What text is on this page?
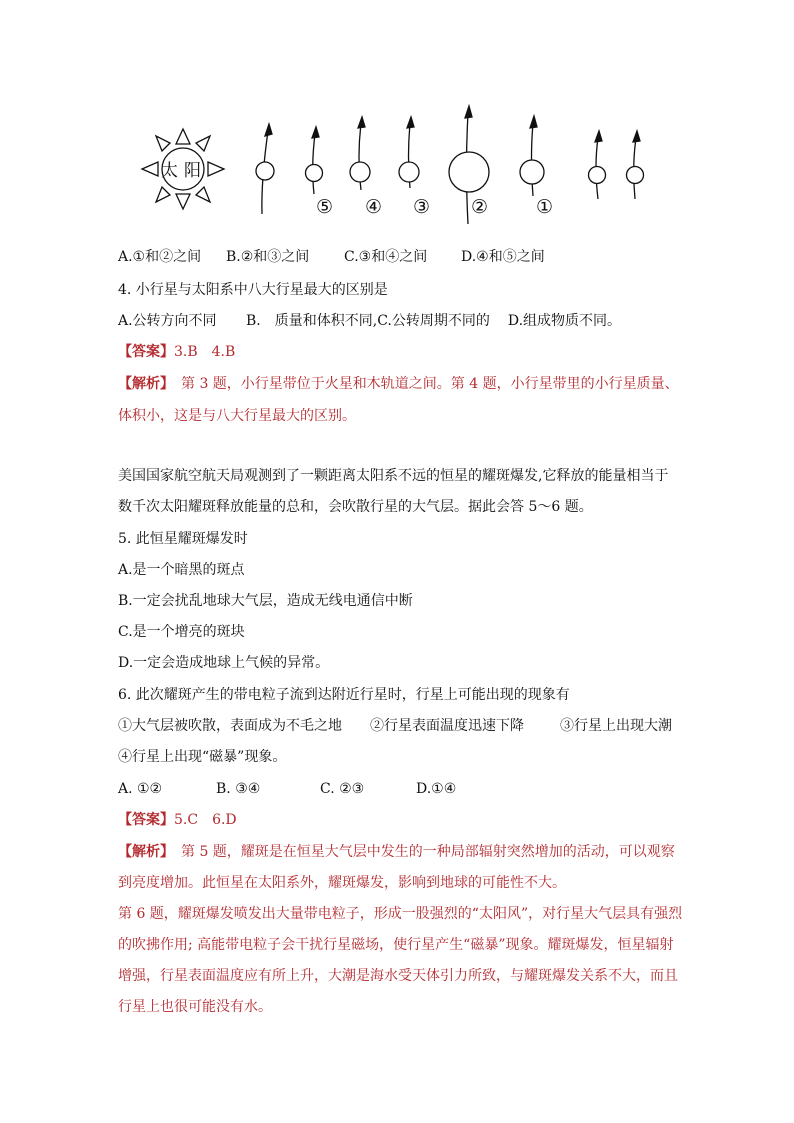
太 阳
⑤ ④ ③ ②	①
A.①和②之间 B.②和③之间 C.③和④之间 D.④和⑤之间
4. 小行星与太阳系中八大行星最大的区别是
A.公转方向不同 B.　质量和体积不同,C.公转周期不同的 D.组成物质不同。
【答案】3.B　4.B
【解析】　第 3 题，小行星带位于火星和木轨道之间。第 4 题，小行星带里的小行星质量、
体积小，这是与八大行星最大的区别。
美国国家航空航天局观测到了一颗距离太阳系不远的恒星的耀斑爆发,它释放的能量相当于
数千次太阳耀斑释放能量的总和，会吹散行星的大气层。据此会答 5～6 题。
5. 此恒星耀斑爆发时
A.是一个暗黑的斑点
B.一定会扰乱地球大气层，造成无线电通信中断
C.是一个增亮的斑块
D.一定会造成地球上气候的异常。
6. 此次耀斑产生的带电粒子流到达附近行星时，行星上可能出现的现象有
①大气层被吹散，表面成为不毛之地 ②行星表面温度迅速下降	③行星上出现大潮
④行星上出现“磁暴”现象。
A. ①②	B. ③④	C. ②③	D.①④
【答案】5.C　6.D
【解析】　第 5 题，耀斑是在恒星大气层中发生的一种局部辐射突然增加的活动，可以观察
到亮度增加。此恒星在太阳系外，耀斑爆发，影响到地球的可能性不大。
第 6 题，耀斑爆发喷发出大量带电粒子，形成一股强烈的“太阳风”，对行星大气层具有强烈
的吹拂作用; 高能带电粒子会干扰行星磁场，使行星产生“磁暴”现象。耀斑爆发，恒星辐射
增强，行星表面温度应有所上升，大潮是海水受天体引力所致，与耀斑爆发关系不大，而且
行星上也很可能没有水。
